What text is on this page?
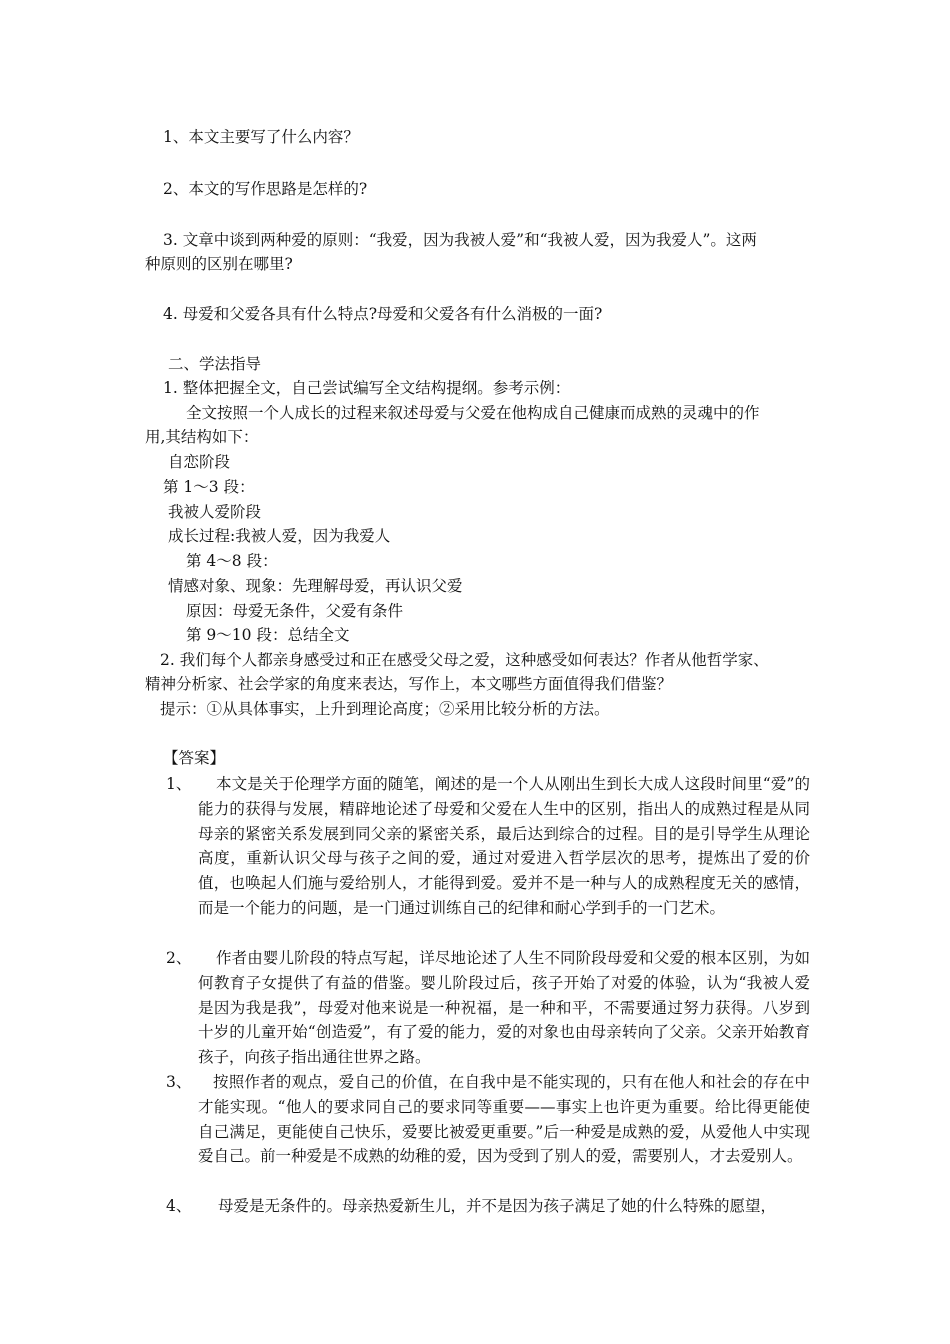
1、本文主要写了什么内容？
2、本文的写作思路是怎样的?
3. 文章中谈到两种爱的原则：“我爱，因为我被人爱”和“我被人爱，因为我爱人”。这两
种原则的区别在哪里?
4. 母爱和父爱各具有什么特点?母爱和父爱各有什么消极的一面?
二、学法指导
1. 整体把握全文，自己尝试编写全文结构提纲。参考示例：
全文按照一个人成长的过程来叙述母爱与父爱在他构成自己健康而成熟的灵魂中的作
用,其结构如下：
自恋阶段
第 1～3 段：
我被人爱阶段
成长过程:我被人爱，因为我爱人
第 4～8 段：
情感对象、现象：先理解母爱，再认识父爱
原因：母爱无条件，父爱有条件
第 9～10 段：总结全文
2. 我们每个人都亲身感受过和正在感受父母之爱，这种感受如何表达？作者从他哲学家、
精神分析家、社会学家的角度来表达，写作上，本文哪些方面值得我们借鉴？
提示：①从具体事实，上升到理论高度；②采用比较分析的方法。
【答案】
1、	本文是关于伦理学方面的随笔，阐述的是一个人从刚出生到长大成人这段时间里“爱”的能力的获得与发展，精辟地论述了母爱和父爱在人生中的区别，指出人的成熟过程是从同母亲的紧密关系发展到同父亲的紧密关系，最后达到综合的过程。目的是引导学生从理论高度，重新认识父母与孩子之间的爱，通过对爱进入哲学层次的思考，提炼出了爱的价值，也唤起人们施与爱给别人，才能得到爱。爱并不是一种与人的成熟程度无关的感情，而是一个能力的问题，是一门通过训练自己的纪律和耐心学到手的一门艺术。
2、	作者由婴儿阶段的特点写起，详尽地论述了人生不同阶段母爱和父爱的根本区别，为如何教育子女提供了有益的借鉴。婴儿阶段过后，孩子开始了对爱的体验，认为“我被人爱是因为我是我”，母爱对他来说是一种祝福，是一种和平，不需要通过努力获得。八岁到十岁的儿童开始“创造爱”，有了爱的能力，爱的对象也由母亲转向了父亲。父亲开始教育孩子，向孩子指出通往世界之路。
3、	按照作者的观点，爱自己的价值，在自我中是不能实现的，只有在他人和社会的存在中才能实现。“他人的要求同自己的要求同等重要——事实上也许更为重要。给比得更能使自己满足，更能使自己快乐，爱要比被爱更重要。”后一种爱是成熟的爱，从爱他人中实现爱自己。前一种爱是不成熟的幼稚的爱，因为受到了别人的爱，需要别人，才去爱别人。
4、	母爱是无条件的。母亲热爱新生儿，并不是因为孩子满足了她的什么特殊的愿望，
